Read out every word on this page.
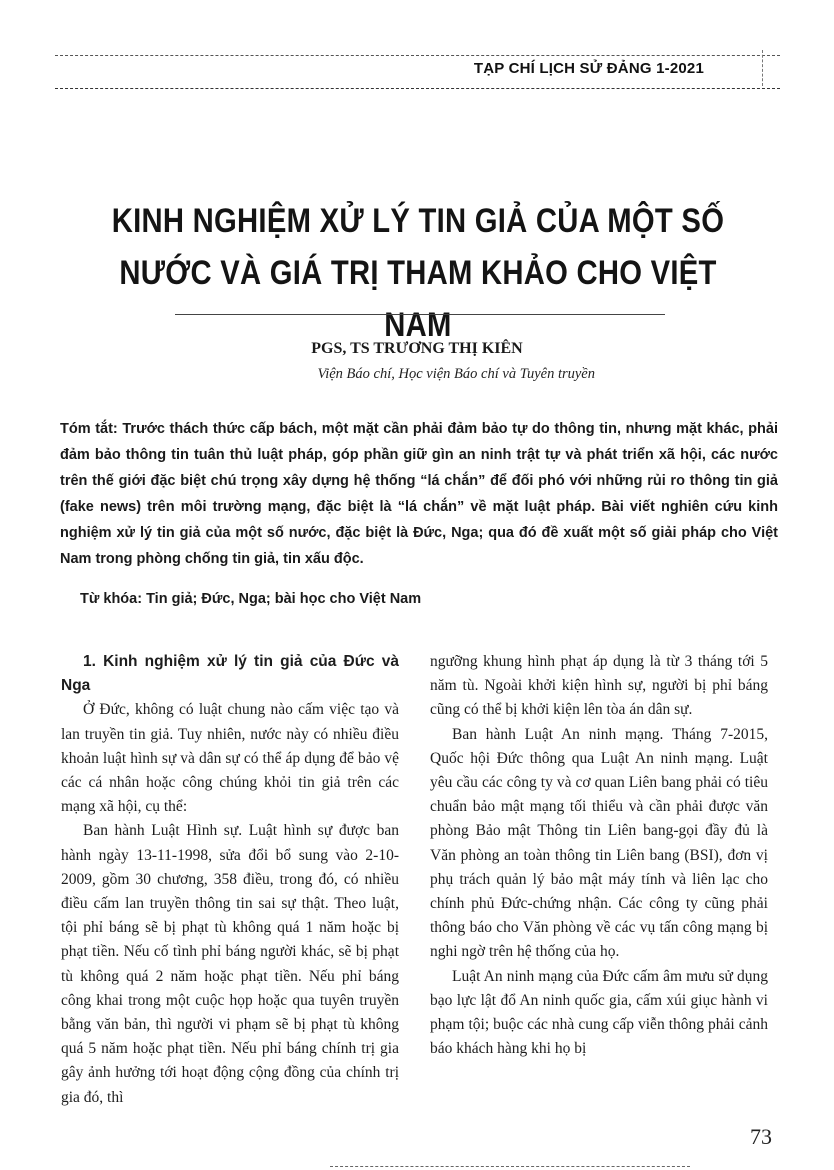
TẠP CHÍ LỊCH SỬ ĐẢNG 1-2021
KINH NGHIỆM XỬ LÝ TIN GIẢ CỦA MỘT SỐ NƯỚC VÀ GIÁ TRỊ THAM KHẢO CHO VIỆT NAM
PGS, TS TRƯƠNG THỊ KIÊN
Viện Báo chí, Học viện Báo chí và Tuyên truyền

Tóm tắt: Trước thách thức cấp bách, một mặt cần phải đảm bảo tự do thông tin, nhưng mặt khác, phải đảm bảo thông tin tuân thủ luật pháp, góp phần giữ gìn an ninh trật tự và phát triển xã hội, các nước trên thế giới đặc biệt chú trọng xây dựng hệ thống “lá chắn” để đối phó với những rủi ro thông tin giả (fake news) trên môi trường mạng, đặc biệt là “lá chắn” về mặt luật pháp. Bài viết nghiên cứu kinh nghiệm xử lý tin giả của một số nước, đặc biệt là Đức, Nga; qua đó đề xuất một số giải pháp cho Việt Nam trong phòng chống tin giả, tin xấu độc.

Từ khóa: Tin giả; Đức, Nga; bài học cho Việt Nam

1. Kinh nghiệm xử lý tin giả của Đức và Nga

Ở Đức, không có luật chung nào cấm việc tạo và lan truyền tin giả. Tuy nhiên, nước này có nhiều điều khoản luật hình sự và dân sự có thể áp dụng để bảo vệ các cá nhân hoặc công chúng khỏi tin giả trên các mạng xã hội, cụ thể:

Ban hành Luật Hình sự. Luật hình sự được ban hành ngày 13-11-1998, sửa đổi bổ sung vào 2-10-2009, gồm 30 chương, 358 điều, trong đó, có nhiều điều cấm lan truyền thông tin sai sự thật. Theo luật, tội phỉ báng sẽ bị phạt tù không quá 1 năm hoặc bị phạt tiền. Nếu cố tình phỉ báng người khác, sẽ bị phạt tù không quá 2 năm hoặc phạt tiền. Nếu phỉ báng công khai trong một cuộc họp hoặc qua tuyên truyền bằng văn bản, thì người vi phạm sẽ bị phạt tù không quá 5 năm hoặc phạt tiền. Nếu phỉ báng chính trị gia gây ảnh hưởng tới hoạt động cộng đồng của chính trị gia đó, thì

ngưỡng khung hình phạt áp dụng là từ 3 tháng tới 5 năm tù. Ngoài khởi kiện hình sự, người bị phỉ báng cũng có thể bị khởi kiện lên tòa án dân sự.

Ban hành Luật An ninh mạng. Tháng 7-2015, Quốc hội Đức thông qua Luật An ninh mạng. Luật yêu cầu các công ty và cơ quan Liên bang phải có tiêu chuẩn bảo mật mạng tối thiểu và cần phải được văn phòng Bảo mật Thông tin Liên bang-gọi đầy đủ là Văn phòng an toàn thông tin Liên bang (BSI), đơn vị phụ trách quản lý bảo mật máy tính và liên lạc cho chính phủ Đức-chứng nhận. Các công ty cũng phải thông báo cho Văn phòng về các vụ tấn công mạng bị nghi ngờ trên hệ thống của họ.

Luật An ninh mạng của Đức cấm âm mưu sử dụng bạo lực lật đổ An ninh quốc gia, cấm xúi giục hành vi phạm tội; buộc các nhà cung cấp viễn thông phải cảnh báo khách hàng khi họ bị

73
